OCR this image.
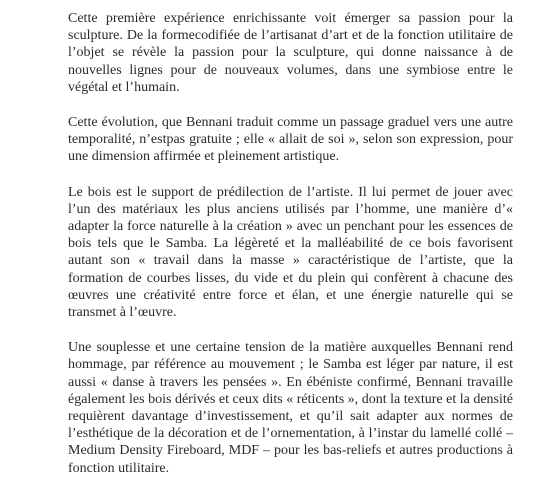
Cette première expérience enrichissante voit émerger sa passion pour la sculpture. De la formecodifiée de l’artisanat d’art et de la fonction utilitaire de l’objet se révèle la passion pour la sculpture, qui donne naissance à de nouvelles lignes pour de nouveaux volumes, dans une symbiose entre le végétal et l’humain.

Cette évolution, que Bennani traduit comme un passage graduel vers une autre temporalité, n’estpas gratuite ; elle « allait de soi », selon son expression, pour une dimension affirmée et pleinement artistique.

Le bois est le support de prédilection de l’artiste. Il lui permet de jouer avec l’un des matériaux les plus anciens utilisés par l’homme, une manière d’« adapter la force naturelle à la création » avec un penchant pour les essences de bois tels que le Samba. La légèreté et la malléabilité de ce bois favorisent autant son « travail dans la masse » caractéristique de l’artiste, que la formation de courbes lisses, du vide et du plein qui confèrent à chacune des œuvres une créativité entre force et élan, et une énergie naturelle qui se transmet à l’œuvre.

Une souplesse et une certaine tension de la matière auxquelles Bennani rend hommage, par référence au mouvement ; le Samba est léger par nature, il est aussi « danse à travers les pensées ». En ébéniste confirmé, Bennani travaille également les bois dérivés et ceux dits « réticents », dont la texture et la densité requièrent davantage d’investissement, et qu’il sait adapter aux normes de l’esthétique de la décoration et de l’ornementation, à l’instar du lamellé collé – Medium Density Fireboard, MDF – pour les bas-reliefs et autres productions à fonction utilitaire.
